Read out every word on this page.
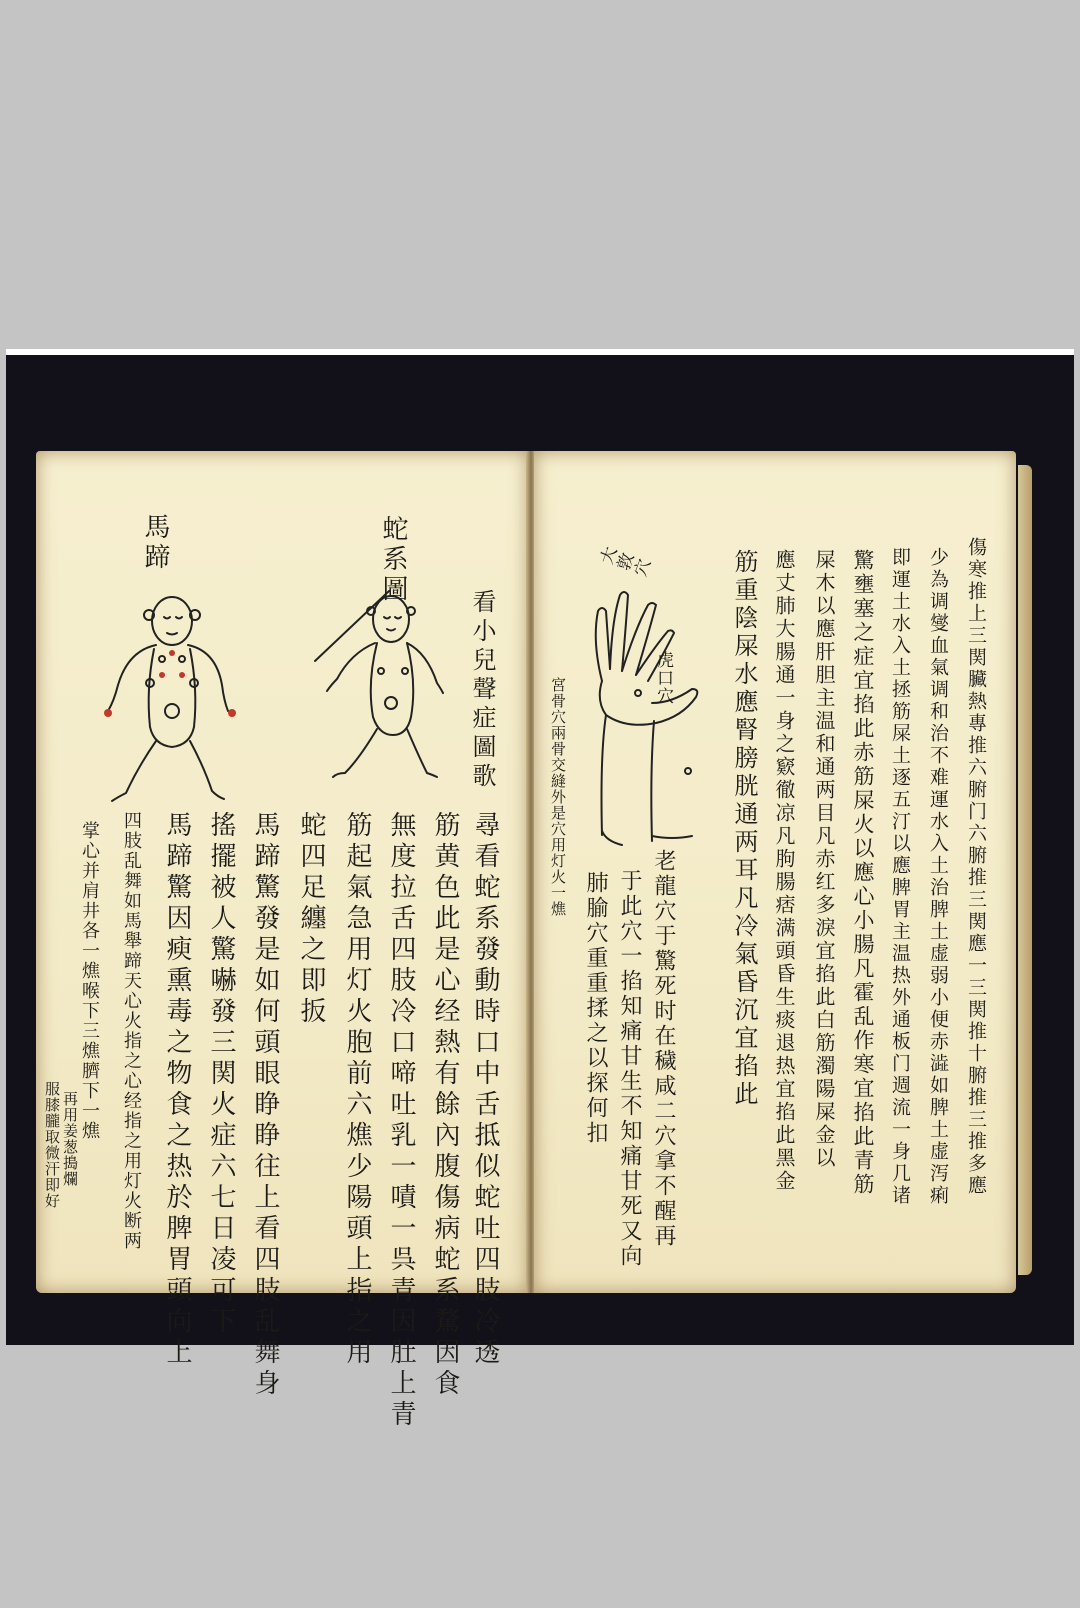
馬蹄	蛇系圖
看小兒聲症圖歌
尋看蛇系發動時口中舌抵似蛇吐四肢冷透
筋黄色此是心经熱有餘內腹傷病蛇系騖因食
無度拉舌四肢冷口啼吐乳一嘖一呉青因肚上青
筋起氣急用灯火胞前六燋少陽頭上指之用
蛇四足纏之即扳
馬蹄驚發是如何頭眼睁睁往上看四肢乱舞身
搖擺被人驚嚇發三関火症六七日凌可下
馬蹄驚因瘐熏毒之物食之热於脾胃頭向上
四肢乱舞如馬舉蹄天心火指之心经指之用灯火断两
掌心并肩井各一燋喉下三燋臍下一燋
再用姜葱搗爛
服膝朧取微汗即好	傷寒推上三関臟熱專推六腑门六腑推三関應一三関推十腑推三推多應
少為调燮血氣调和治不难運水入土治脾土虚弱小便赤澁如脾土虚泻痢
即運土水入土拯筋屎土逐五汀以應脾胃主温热外通板门週流一身几诸
驚壅塞之症宜掐此赤筋屎火以應心小腸凡霍乱作寒宜掐此青筋
屎木以應肝胆主温和通两目凡赤红多淚宜掐此白筋濁陽屎金以
應丈肺大腸通一身之窽徹凉凡朐腸痞满頭昏生痰退热宜掐此黑金
筋重陰屎水應腎膀胱通两耳凡冷氣昏沉宜掐此
虎口穴
大敦穴
宮骨穴兩骨交縫外是穴用灯火一燋
老龍穴于驚死时在穢咸二穴拿不醒再
于此穴一掐知痛甘生不知痛甘死又向
肺腧穴重重揉之以探何扣
